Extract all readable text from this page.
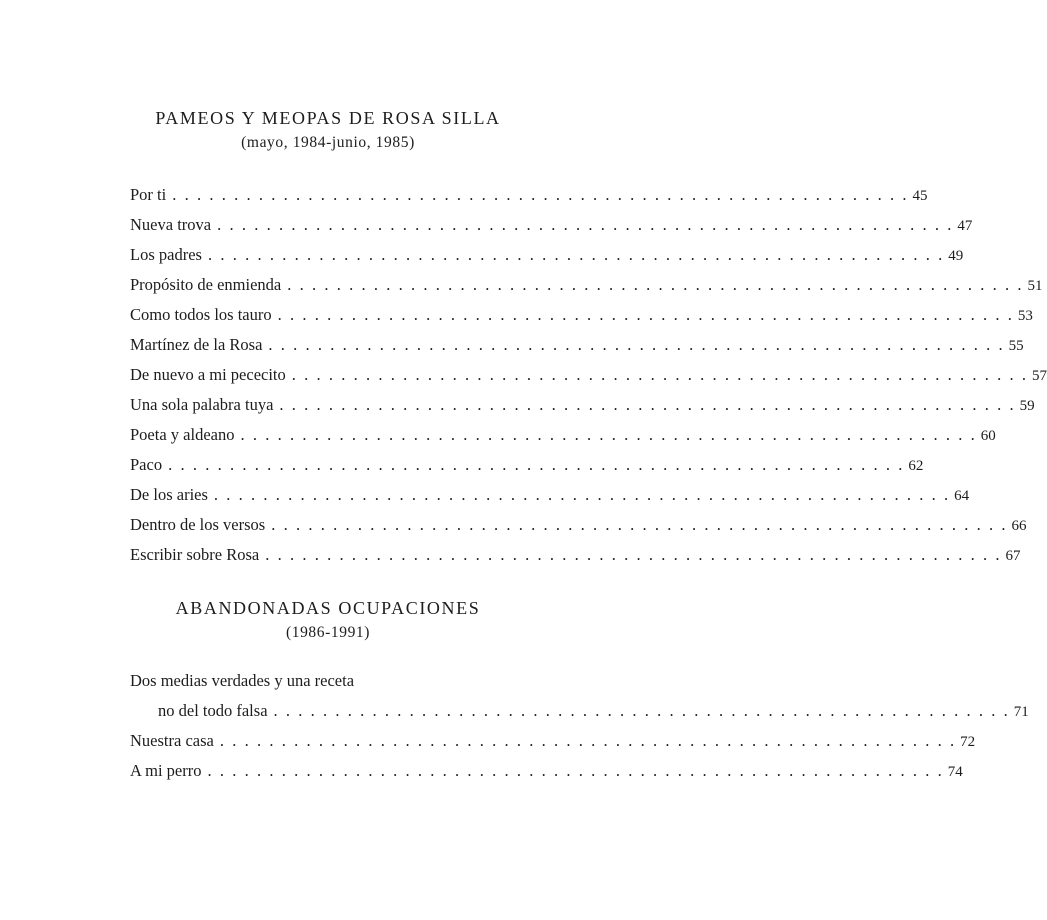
PAMEOS Y MEOPAS DE ROSA SILLA
(mayo, 1984-junio, 1985)
Por ti . . . . . . . . . . . . . . . . . . . . . . . . . . . . . . . . . . . . . . . . . . . . . . . . . . . . . . . . . . . . 45
Nueva trova . . . . . . . . . . . . . . . . . . . . . . . . . . . . . . . . . . . . . . . . . . . . . . . . . . . . . . . . . . . . 47
Los padres . . . . . . . . . . . . . . . . . . . . . . . . . . . . . . . . . . . . . . . . . . . . . . . . . . . . . . . . . . . . 49
Propósito de enmienda . . . . . . . . . . . . . . . . . . . . . . . . . . . . . . . . . . . . . . . . . . . . . . . . . . . . . . . . . . . . 51
Como todos los tauro . . . . . . . . . . . . . . . . . . . . . . . . . . . . . . . . . . . . . . . . . . . . . . . . . . . . . . . . . . . . 53
Martínez de la Rosa . . . . . . . . . . . . . . . . . . . . . . . . . . . . . . . . . . . . . . . . . . . . . . . . . . . . . . . . . . . . 55
De nuevo a mi pececito . . . . . . . . . . . . . . . . . . . . . . . . . . . . . . . . . . . . . . . . . . . . . . . . . . . . . . . . . . . . 57
Una sola palabra tuya . . . . . . . . . . . . . . . . . . . . . . . . . . . . . . . . . . . . . . . . . . . . . . . . . . . . . . . . . . . . 59
Poeta y aldeano . . . . . . . . . . . . . . . . . . . . . . . . . . . . . . . . . . . . . . . . . . . . . . . . . . . . . . . . . . . . 60
Paco . . . . . . . . . . . . . . . . . . . . . . . . . . . . . . . . . . . . . . . . . . . . . . . . . . . . . . . . . . . . 62
De los aries . . . . . . . . . . . . . . . . . . . . . . . . . . . . . . . . . . . . . . . . . . . . . . . . . . . . . . . . . . . . 64
Dentro de los versos . . . . . . . . . . . . . . . . . . . . . . . . . . . . . . . . . . . . . . . . . . . . . . . . . . . . . . . . . . . . 66
Escribir sobre Rosa . . . . . . . . . . . . . . . . . . . . . . . . . . . . . . . . . . . . . . . . . . . . . . . . . . . . . . . . . . . . 67
ABANDONADAS OCUPACIONES
(1986-1991)
Dos medias verdades y una receta
no del todo falsa . . . . . . . . . . . . . . . . . . . . . . . . . . . . . . . . . . . . . . . . . . . . . . . . . . . . . . . . . . . . 71
Nuestra casa . . . . . . . . . . . . . . . . . . . . . . . . . . . . . . . . . . . . . . . . . . . . . . . . . . . . . . . . . . . . 72
A mi perro . . . . . . . . . . . . . . . . . . . . . . . . . . . . . . . . . . . . . . . . . . . . . . . . . . . . . . . . . . . . 74
